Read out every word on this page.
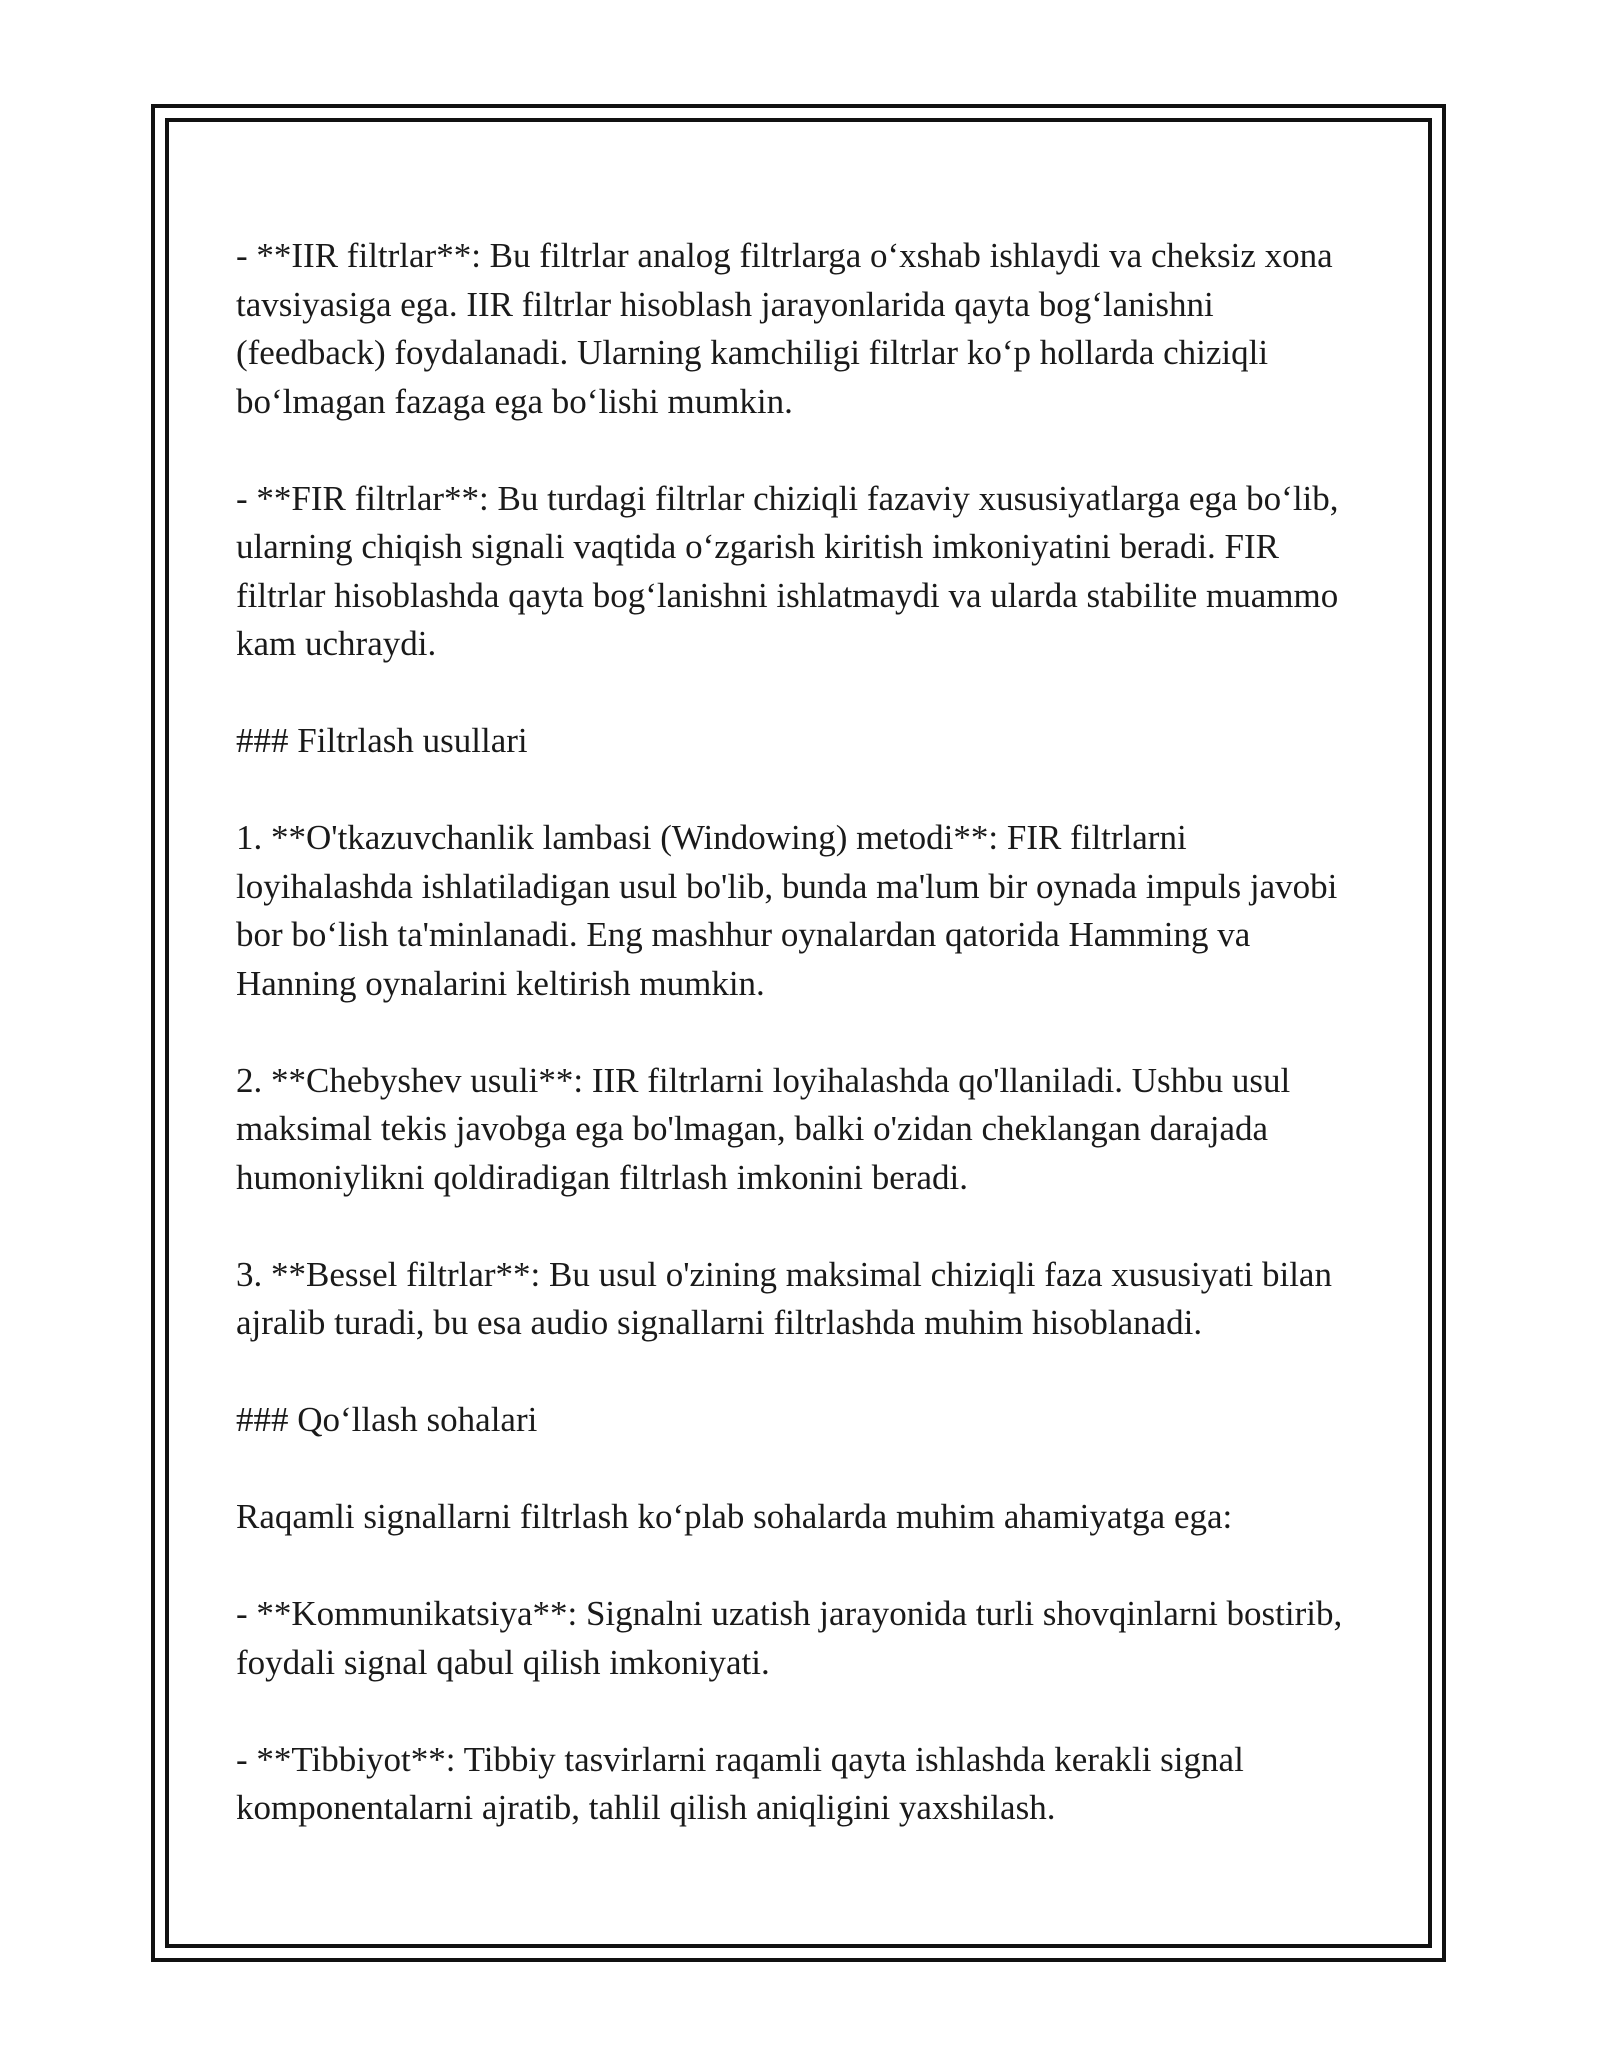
- **IIR filtrlar**: Bu filtrlar analog filtrlarga o‘xshab ishlaydi va cheksiz xona tavsiyasiga ega. IIR filtrlar hisoblash jarayonlarida qayta bog‘lanishni (feedback) foydalanadi. Ularning kamchiligi filtrlar ko‘p hollarda chiziqli bo‘lmagan fazaga ega bo‘lishi mumkin.

- **FIR filtrlar**: Bu turdagi filtrlar chiziqli fazaviy xususiyatlarga ega bo‘lib, ularning chiqish signali vaqtida o‘zgarish kiritish imkoniyatini beradi. FIR filtrlar hisoblashda qayta bog‘lanishni ishlatmaydi va ularda stabilite muammo kam uchraydi.

### Filtrlash usullari

1. **O'tkazuvchanlik lambasi (Windowing) metodi**: FIR filtrlarni loyihalashda ishlatiladigan usul bo'lib, bunda ma'lum bir oynada impuls javobi bor bo‘lish ta'minlanadi. Eng mashhur oynalardan qatorida Hamming va Hanning oynalarini keltirish mumkin.

2. **Chebyshev usuli**: IIR filtrlarni loyihalashda qo'llaniladi. Ushbu usul maksimal tekis javobga ega bo'lmagan, balki o'zidan cheklangan darajada humoniylikni qoldiradigan filtrlash imkonini beradi.

3. **Bessel filtrlar**: Bu usul o'zining maksimal chiziqli faza xususiyati bilan ajralib turadi, bu esa audio signallarni filtrlashda muhim hisoblanadi.

### Qo‘llash sohalari

Raqamli signallarni filtrlash ko‘plab sohalarda muhim ahamiyatga ega:

- **Kommunikatsiya**: Signalni uzatish jarayonida turli shovqinlarni bostirib, foydali signal qabul qilish imkoniyati.

- **Tibbiyot**: Tibbiy tasvirlarni raqamli qayta ishlashda kerakli signal komponentalarni ajratib, tahlil qilish aniqligini yaxshilash.
